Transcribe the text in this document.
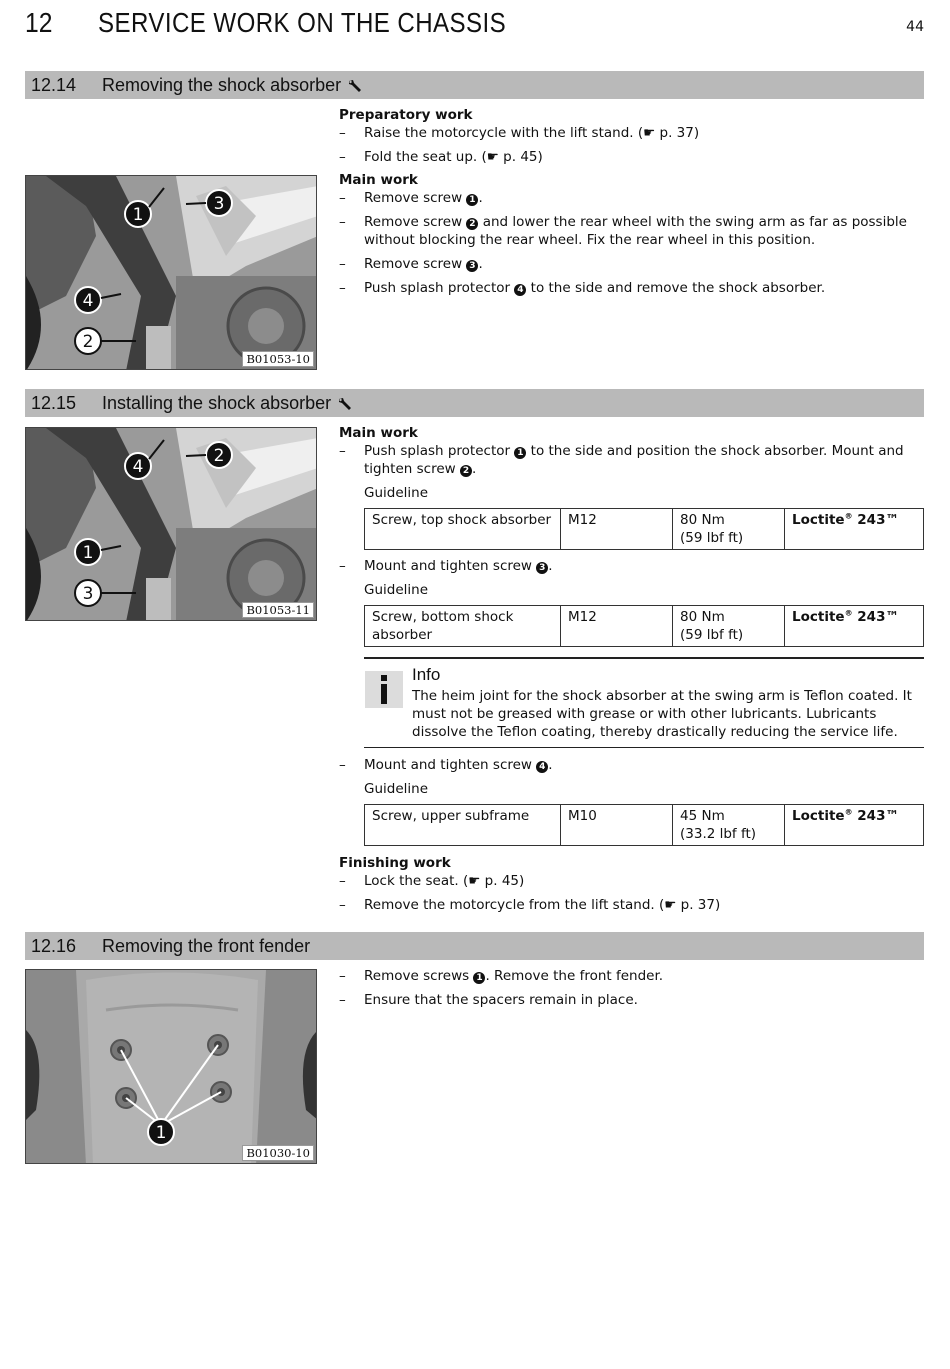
12 SERVICE WORK ON THE CHASSIS	44
12.14 Removing the shock absorber
1
3
4
2
B01053-10
Preparatory work
– Raise the motorcycle with the lift stand. (☛ p. 37)
– Fold the seat up. (☛ p. 45)
Main work
– Remove screw 1 .
– Remove screw 2 and lower the rear wheel with the swing arm as far as possible without blocking the rear wheel. Fix the rear wheel in this position.
– Remove screw 3 .
– Push splash protector 4 to the side and remove the shock absorber.
12.15 Installing the shock absorber
4
2
1
3
B01053-11
Main work
– Push splash protector 1 to the side and position the shock absorber. Mount and tighten screw 2 .
Guideline
Screw, top shock absorber	M12	80 Nm
(59 lbf ft)	Loctite® 243™
– Mount and tighten screw 3 .
Guideline
Screw, bottom shock absorber	M12	80 Nm
(59 lbf ft)	Loctite® 243™
Info
The heim joint for the shock absorber at the swing arm is Teflon coated. It must not be greased with grease or with other lubricants. Lubricants dissolve the Teflon coating, thereby drastically reducing the service life.
– Mount and tighten screw 4 .
Guideline
Screw, upper subframe	M10	45 Nm
(33.2 lbf ft)	Loctite® 243™
Finishing work
– Lock the seat. (☛ p. 45)
– Remove the motorcycle from the lift stand. (☛ p. 37)
12.16 Removing the front fender
1
B01030-10
– Remove screws 1 . Remove the front fender.
– Ensure that the spacers remain in place.
